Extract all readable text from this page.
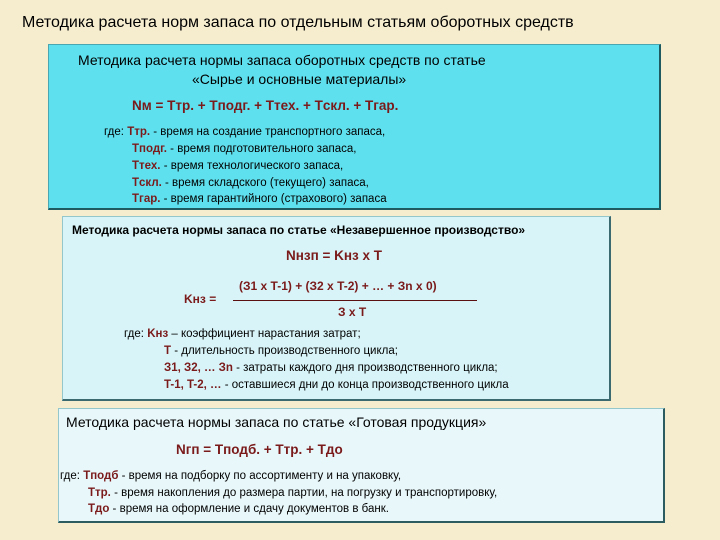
Методика расчета норм запаса по отдельным статьям оборотных средств
Методика расчета нормы запаса оборотных средств по статье
«Сырье и основные материалы»
Nм = Tтр. + Tподг. + Tтех. + Tскл. + Tгар.
где: Tтр. - время на создание транспортного запаса,
Tподг. - время подготовительного запаса,
Tтех. - время технологического запаса,
Tскл. - время складского (текущего) запаса,
Tгар. - время гарантийного (страхового) запаса
Методика расчета нормы запаса по статье «Незавершенное производство»
Nнзп = Kнз x T
(З1 x T-1) + (З2 x T-2) + … + Зn x 0)
Kнз =
З x T
где: Kнз – коэффициент нарастания затрат;
T - длительность производственного цикла;
З1, З2, … Зn - затраты каждого дня производственного цикла;
T-1, T-2, … - оставшиеся дни до конца производственного цикла
Методика расчета нормы запаса по статье «Готовая продукция»
Nгп = Tподб. + Tтр. + Tдо
где: Tподб - время на подборку по ассортименту и на упаковку,
Tтр. - время накопления до размера партии, на погрузку и транспортировку,
Tдо - время на оформление и сдачу документов в банк.
